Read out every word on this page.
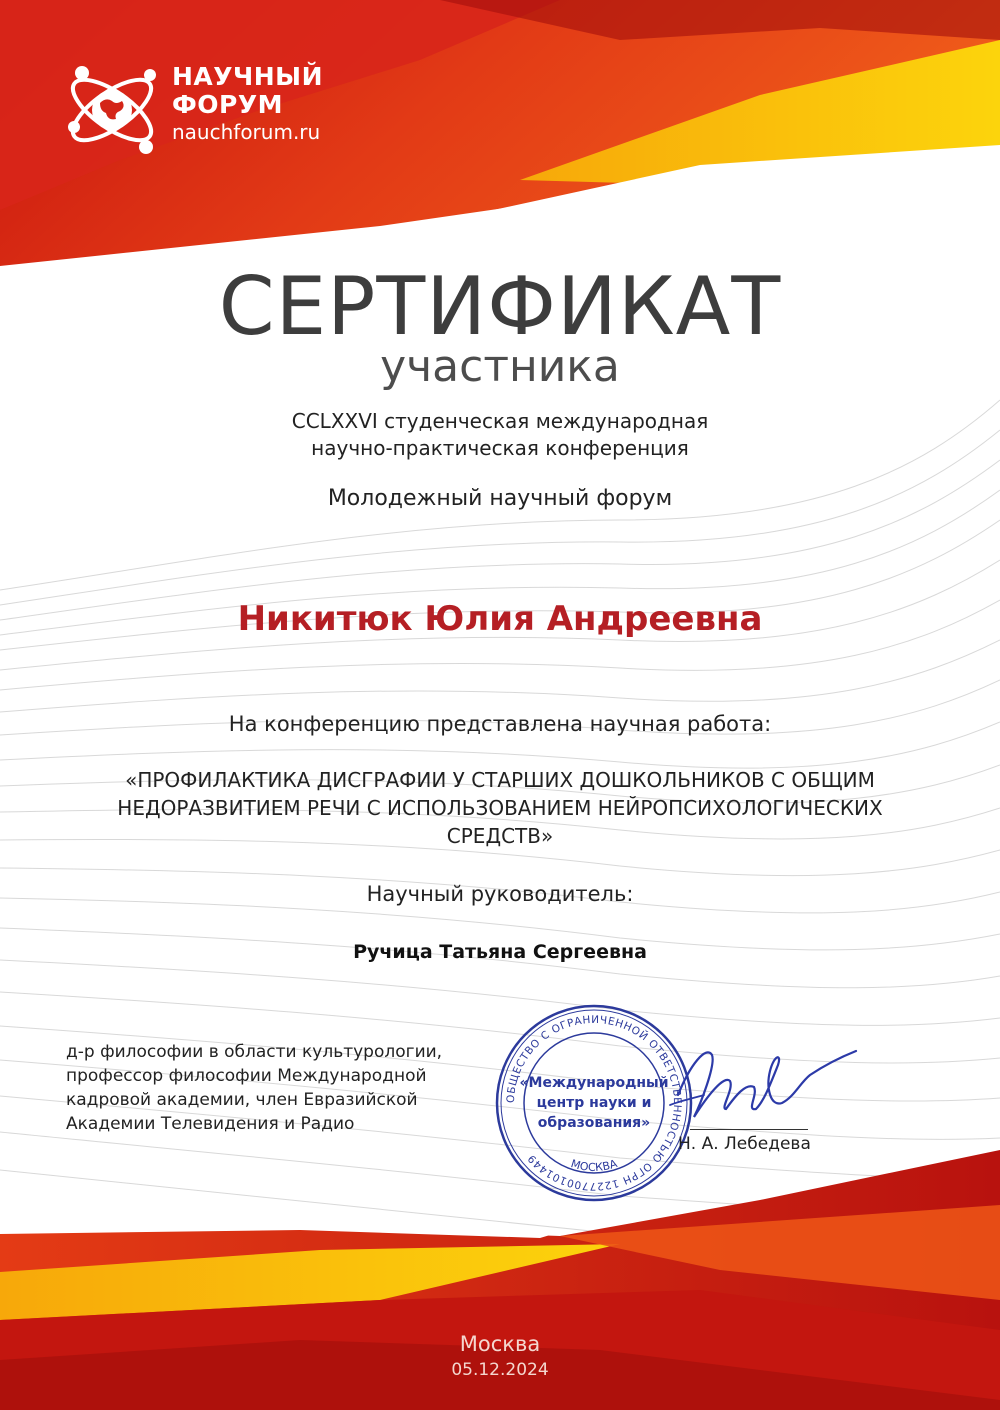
НАУЧНЫЙ
ФОРУМ
nauchforum.ru
СЕРТИФИКАТ
участника
CCLXXVI студенческая международная
научно-практическая конференция
Молодежный научный форум
Никитюк Юлия Андреевна
На конференцию представлена научная работа:
«ПРОФИЛАКТИКА ДИСГРАФИИ У СТАРШИХ ДОШКОЛЬНИКОВ С ОБЩИМ
НЕДОРАЗВИТИЕМ РЕЧИ С ИСПОЛЬЗОВАНИЕМ НЕЙРОПСИХОЛОГИЧЕСКИХ
СРЕДСТВ»
Научный руководитель:
Ручица Татьяна Сергеевна
д-р философии в области культурологии,
профессор философии Международной
кадровой академии, член Евразийской
Академии Телевидения и Радио
ОБЩЕСТВО С ОГРАНИЧЕННОЙ ОТВЕТСТВЕННОСТЬЮ ОГРН 1227700101449	МОСКВА
«Международный
центр науки и
образования»
Н. А. Лебедева
Москва
05.12.2024
